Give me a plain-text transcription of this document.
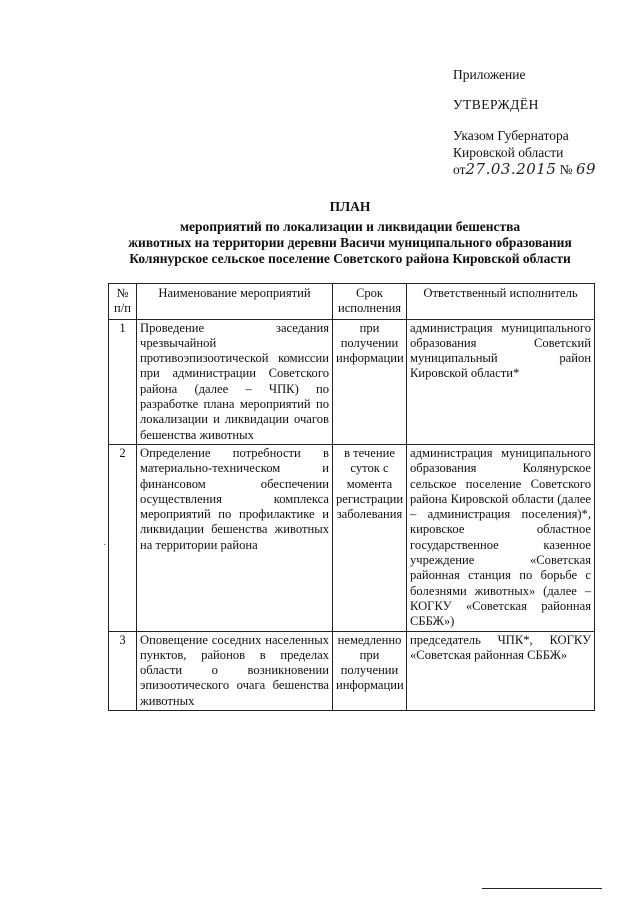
Приложение
УТВЕРЖДЁН
Указом Губернатора
Кировской области
от27.03.2015 № 69
ПЛАН
мероприятий по локализации и ликвидации бешенства
животных на территории деревни Васичи муниципального образования
Колянурское сельское поселение Советского района Кировской области
№ п/п	Наименование мероприятий	Срок исполнения	Ответственный исполнитель
1	Проведение заседания чрезвычайной противоэпизоотической комиссии при администрации Советского района (далее – ЧПК) по разработке плана мероприятий по локализации и ликвидации очагов бешенства животных	при получении информации	администрация муниципального образования Советский муниципальный район Кировской области*
2	Определение потребности в материально-техническом и финансовом обеспечении осуществления комплекса мероприятий по профилактике и ликвидации бешенства животных на территории района	в течение суток с момента регистрации заболевания	администрация муниципального образования Колянурское сельское поселение Советского района Кировской области (далее – администрация поселения)*, кировское областное государственное казенное учреждение «Советская районная станция по борьбе с болезнями животных» (далее – КОГКУ «Советская районная СББЖ»)
3	Оповещение соседних населенных пунктов, районов в пределах области о возникновении эпизоотического очага бешенства животных	немедленно при получении информации	председатель ЧПК*, КОГКУ «Советская районная СББЖ»
·
